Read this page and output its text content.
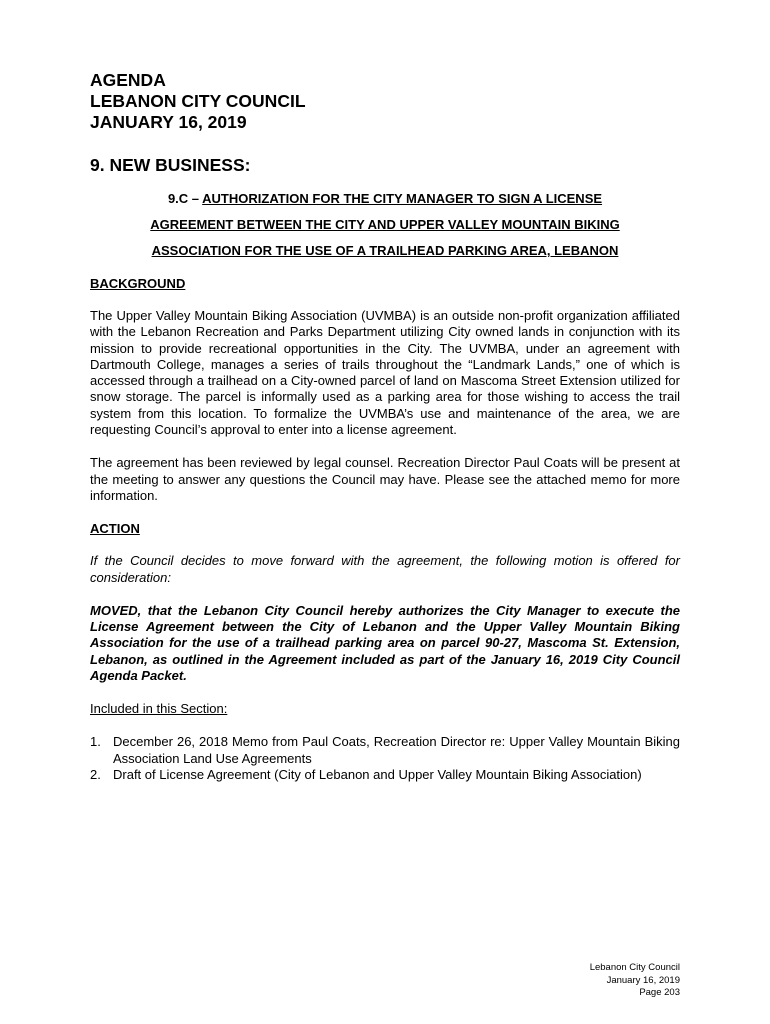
AGENDA
LEBANON CITY COUNCIL
JANUARY 16, 2019
9. NEW BUSINESS:
9.C – AUTHORIZATION FOR THE CITY MANAGER TO SIGN A LICENSE
AGREEMENT BETWEEN THE CITY AND UPPER VALLEY MOUNTAIN BIKING
ASSOCIATION FOR THE USE OF A TRAILHEAD PARKING AREA, LEBANON
BACKGROUND

The Upper Valley Mountain Biking Association (UVMBA) is an outside non-profit organization affiliated with the Lebanon Recreation and Parks Department utilizing City owned lands in conjunction with its mission to provide recreational opportunities in the City. The UVMBA, under an agreement with Dartmouth College, manages a series of trails throughout the “Landmark Lands,” one of which is accessed through a trailhead on a City-owned parcel of land on Mascoma Street Extension utilized for snow storage. The parcel is informally used as a parking area for those wishing to access the trail system from this location. To formalize the UVMBA’s use and maintenance of the area, we are requesting Council’s approval to enter into a license agreement.

The agreement has been reviewed by legal counsel. Recreation Director Paul Coats will be present at the meeting to answer any questions the Council may have. Please see the attached memo for more information.

ACTION

If the Council decides to move forward with the agreement, the following motion is offered for consideration:

MOVED, that the Lebanon City Council hereby authorizes the City Manager to execute the License Agreement between the City of Lebanon and the Upper Valley Mountain Biking Association for the use of a trailhead parking area on parcel 90-27, Mascoma St. Extension, Lebanon, as outlined in the Agreement included as part of the January 16, 2019 City Council Agenda Packet.

Included in this Section:
1. December 26, 2018 Memo from Paul Coats, Recreation Director re: Upper Valley Mountain Biking Association Land Use Agreements
2. Draft of License Agreement (City of Lebanon and Upper Valley Mountain Biking Association)
Lebanon City Council
January 16, 2019
Page 203
